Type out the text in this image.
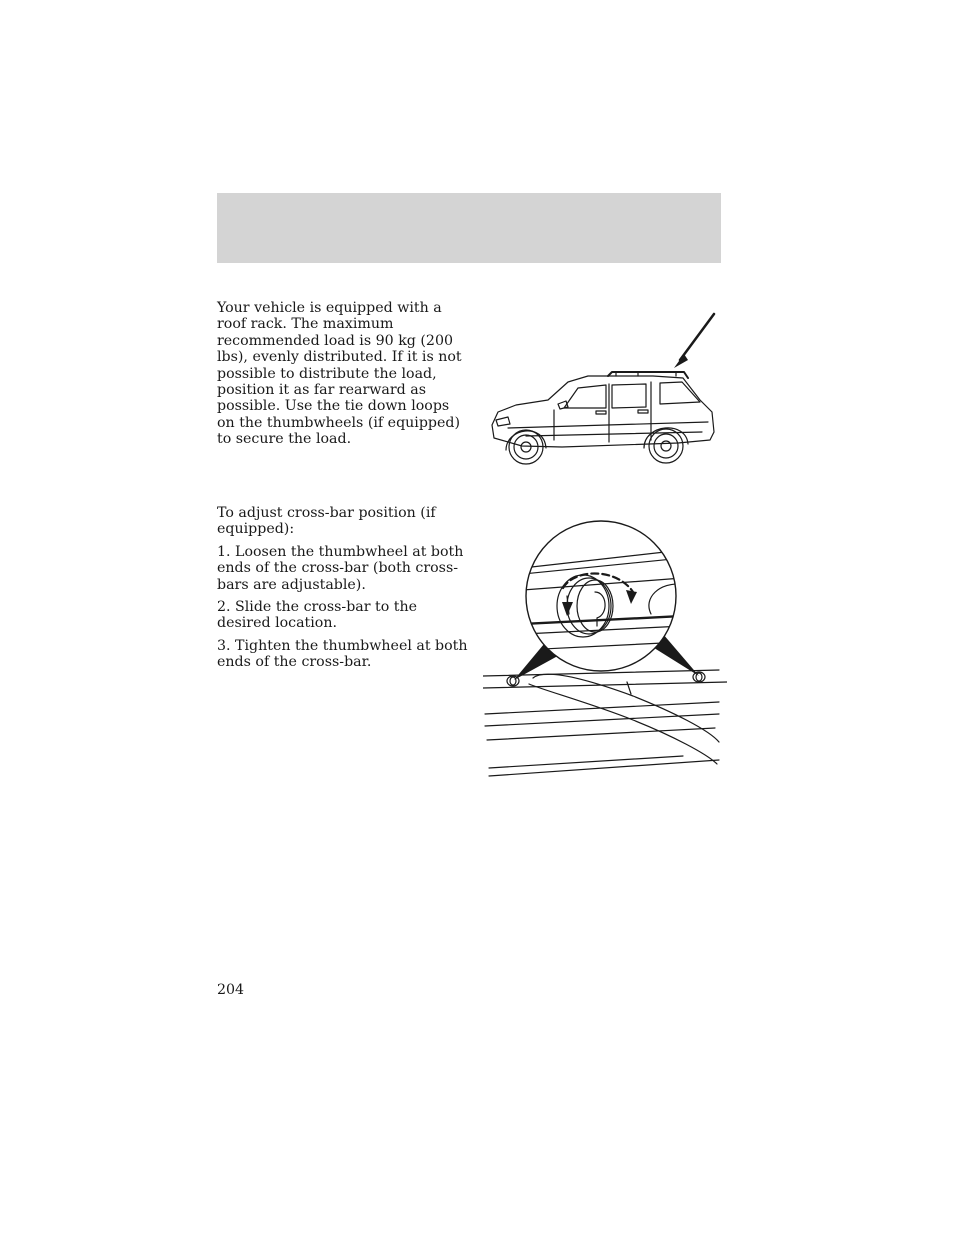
Your vehicle is equipped with a roof rack. The maximum recommended load is 90 kg (200 lbs), evenly distributed. If it is not possible to distribute the load, position it as far rearward as possible. Use the tie down loops on the thumbwheels (if equipped) to secure the load.

To adjust cross-bar position (if equipped):

1. Loosen the thumbwheel at both ends of the cross-bar (both cross-bars are adjustable).

2. Slide the cross-bar to the desired location.

3. Tighten the thumbwheel at both ends of the cross-bar.

204
